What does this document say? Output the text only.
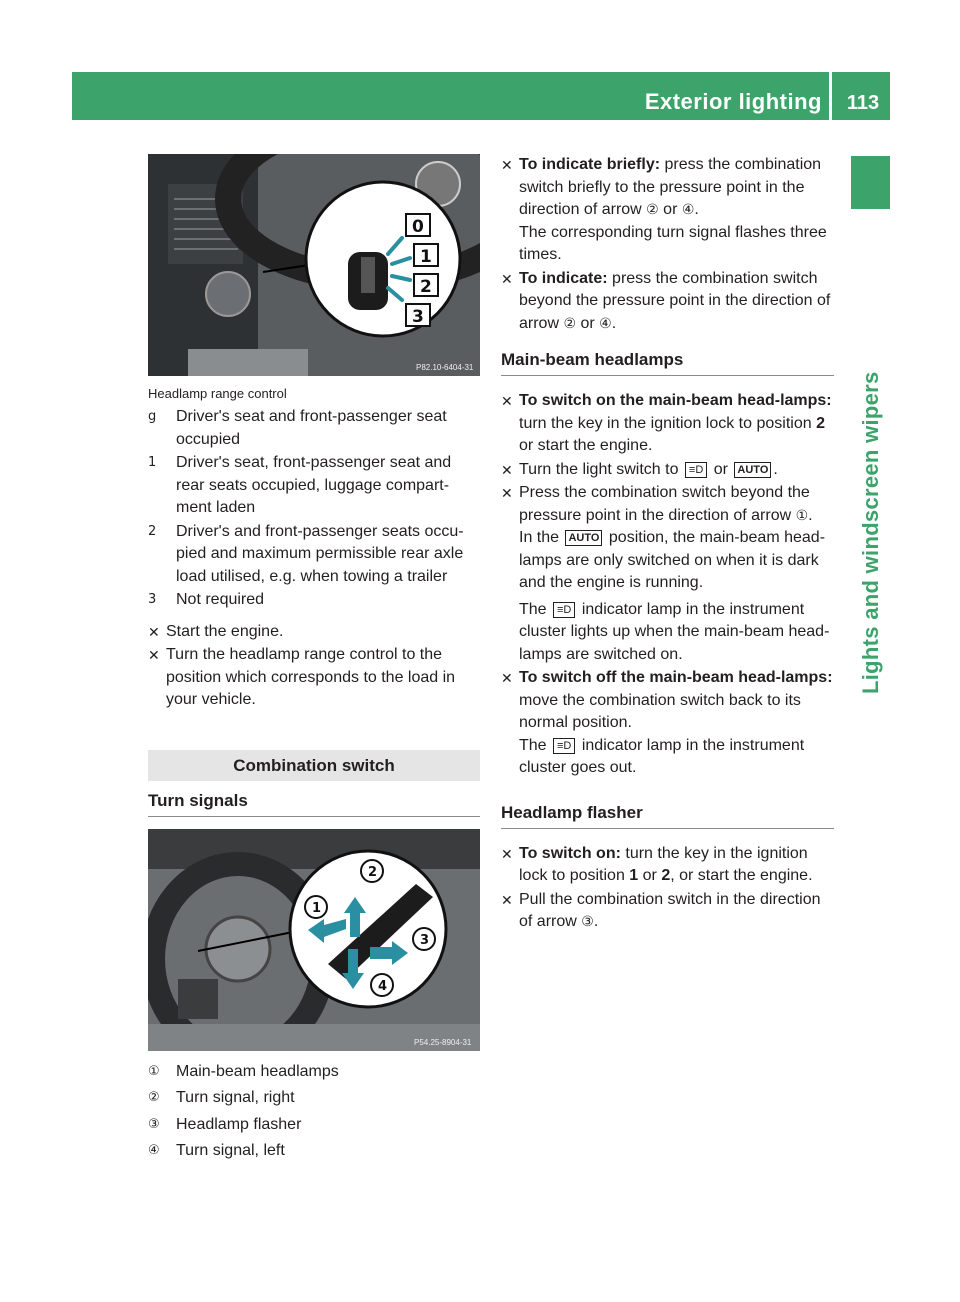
Exterior lighting	113
Lights and windscreen wipers
0
1
2
3
P82.10-6404-31
Headlamp range control
g	Driver's seat and front-passenger seat occupied
1	Driver's seat, front-passenger seat and rear seats occupied, luggage compart-ment laden
2	Driver's and front-passenger seats occu-pied and maximum permissible rear axle load utilised, e.g. when towing a trailer
3	Not required
✕ Start the engine.
✕ Turn the headlamp range control to the position which corresponds to the load in your vehicle.
Combination switch
Turn signals
2
1
3
4
P54.25-8904-31
①	Main-beam headlamps
②	Turn signal, right
③	Headlamp flasher
④	Turn signal, left
✕ To indicate briefly: press the combination switch briefly to the pressure point in the direction of arrow ② or ④.
The corresponding turn signal flashes three times.
✕ To indicate: press the combination switch beyond the pressure point in the direction of arrow ② or ④.
Main-beam headlamps
✕ To switch on the main-beam head-lamps: turn the key in the ignition lock to position 2 or start the engine.
✕ Turn the light switch to ≡D or AUTO .
✕ Press the combination switch beyond the pressure point in the direction of arrow ①.
In the AUTO position, the main-beam head-lamps are only switched on when it is dark and the engine is running.
The ≡D indicator lamp in the instrument cluster lights up when the main-beam head-lamps are switched on.
✕ To switch off the main-beam head-lamps: move the combination switch back to its normal position.
The ≡D indicator lamp in the instrument cluster goes out.
Headlamp flasher
✕ To switch on: turn the key in the ignition lock to position 1 or 2, or start the engine.
✕ Pull the combination switch in the direction of arrow ③.
